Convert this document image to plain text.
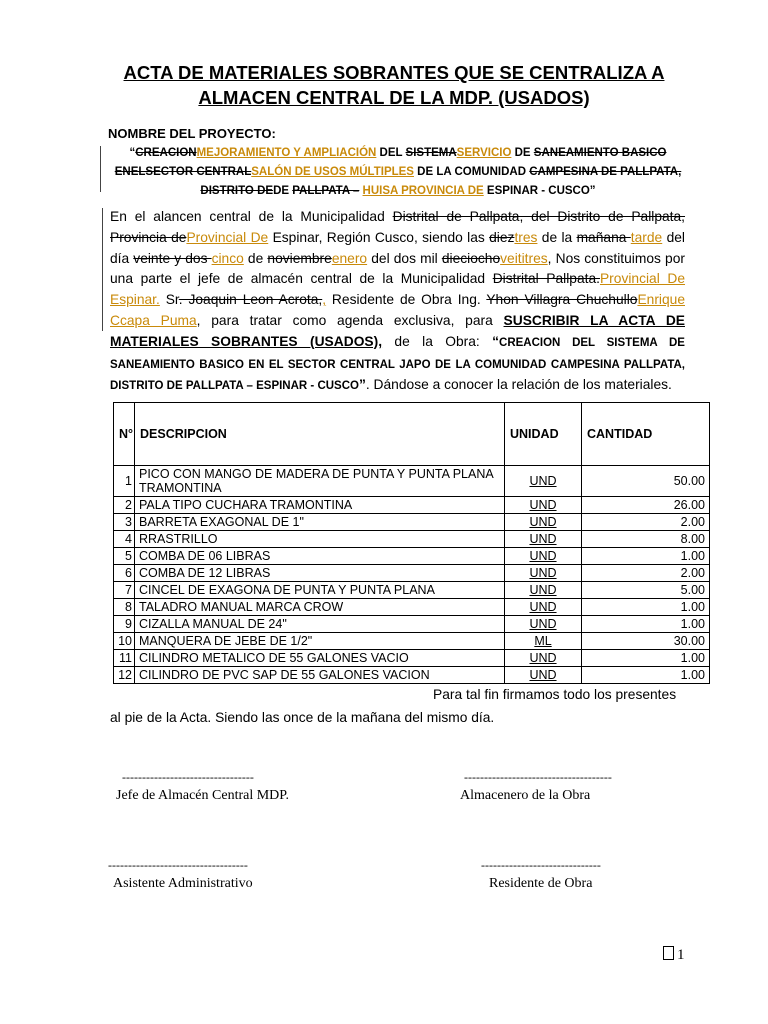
ACTA DE MATERIALES SOBRANTES QUE SE CENTRALIZA A
ALMACEN CENTRAL DE LA MDP. (USADOS)
NOMBRE DEL PROYECTO:
“CREACIONMEJORAMIENTO Y AMPLIACIÓN DEL SISTEMASERVICIO DE SANEAMIENTO BASICO ENELSECTOR CENTRALSALÓN DE USOS MÚLTIPLES DE LA COMUNIDAD CAMPESINA DE PALLPATA, DISTRITO DEDE PALLPATA – HUISA PROVINCIA DE ESPINAR - CUSCO”
En el alancen central de la Municipalidad Distrital de Pallpata, del Distrito de Pallpata, Provincia deProvincial De Espinar, Región Cusco, siendo las dieztres de la mañana tarde del día veinte y dos cinco de noviembreenero del dos mil dieciochoveititres, Nos constituimos por una parte el jefe de almacén central de la Municipalidad Distrital Pallpata.Provincial De Espinar. Sr. Joaquin Leon Acrota,, Residente de Obra Ing. Yhon Villagra ChuchulloEnrique Ccapa Puma, para tratar como agenda exclusiva, para SUSCRIBIR LA ACTA DE MATERIALES SOBRANTES (USADOS), de la Obra: “CREACION DEL SISTEMA DE SANEAMIENTO BASICO EN EL SECTOR CENTRAL JAPO DE LA COMUNIDAD CAMPESINA PALLPATA, DISTRITO DE PALLPATA – ESPINAR - CUSCO”. Dándose a conocer la relación de los materiales.
N°	DESCRIPCION	UNIDAD	CANTIDAD
1	PICO CON MANGO DE MADERA DE PUNTA Y PUNTA PLANA TRAMONTINA	UND	50.00
2	PALA TIPO CUCHARA TRAMONTINA	UND	26.00
3	BARRETA EXAGONAL DE 1"	UND	2.00
4	RRASTRILLO	UND	8.00
5	COMBA DE 06 LIBRAS	UND	1.00
6	COMBA DE 12 LIBRAS	UND	2.00
7	CINCEL DE EXAGONA DE PUNTA Y PUNTA PLANA	UND	5.00
8	TALADRO MANUAL MARCA CROW	UND	1.00
9	CIZALLA MANUAL DE 24"	UND	1.00
10	MANQUERA DE JEBE DE 1/2"	ML	30.00
11	CILINDRO METALICO DE 55 GALONES VACIO	UND	1.00
12	CILINDRO DE PVC SAP DE 55 GALONES VACION	UND	1.00
Para tal fin firmamos todo los presentes
al pie de la Acta. Siendo las once de la mañana del mismo día.
---------------------------------
Jefe de Almacén Central MDP.
-------------------------------------
Almacenero de la Obra
-----------------------------------
Asistente Administrativo
------------------------------
Residente de Obra
1
